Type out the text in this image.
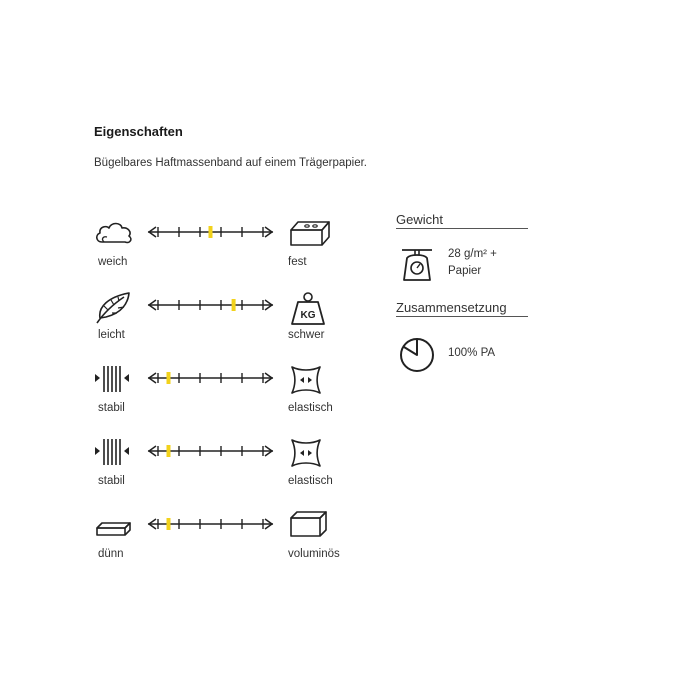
Eigenschaften
Bügelbares Haftmassenband auf einem Trägerpapier.
weich	fest
KG
leicht	schwer
stabil	elastisch
stabil	elastisch
dünn	voluminös
Gewicht
28 g/m² +
Papier
Zusammensetzung
100% PA
